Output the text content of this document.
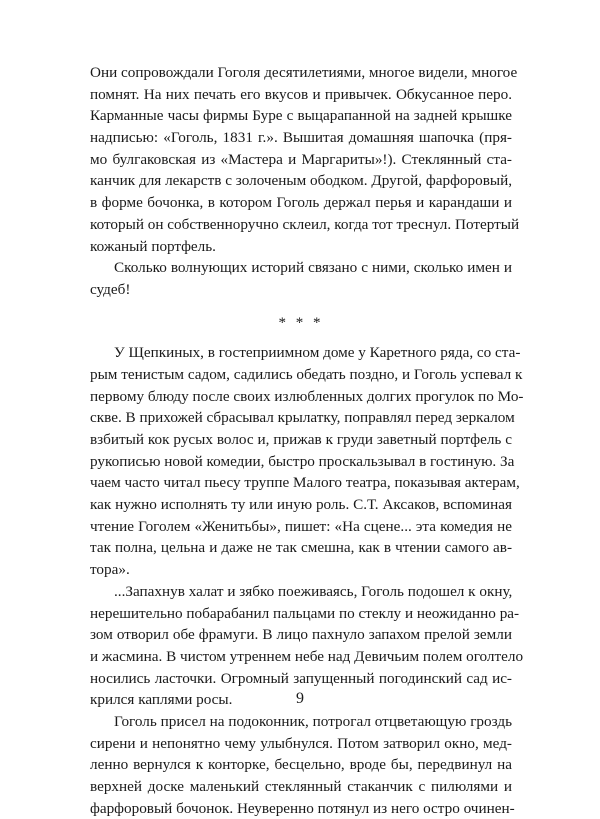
Они сопровождали Гоголя десятилетиями, многое видели, многое
помнят. На них печать его вкусов и привычек. Обкусанное перо.
Карманные часы фирмы Буре с выцарапанной на задней крышке
надписью: «Гоголь, 1831 г.». Вышитая домашняя шапочка (пря-
мо булгаковская из «Мастера и Маргариты»!). Стеклянный ста-
канчик для лекарств с золоченым ободком. Другой, фарфоровый,
в форме бочонка, в котором Гоголь держал перья и карандаши и
который он собственноручно склеил, когда тот треснул. Потертый
кожаный портфель.
Сколько волнующих историй связано с ними, сколько имен и
судеб!
* * *
У Щепкиных, в гостеприимном доме у Каретного ряда, со ста-
рым тенистым садом, садились обедать поздно, и Гоголь успевал к
первому блюду после своих излюбленных долгих прогулок по Мо-
скве. В прихожей сбрасывал крылатку, поправлял перед зеркалом
взбитый кок русых волос и, прижав к груди заветный портфель с
рукописью новой комедии, быстро проскальзывал в гостиную. За
чаем часто читал пьесу труппе Малого театра, показывая актерам,
как нужно исполнять ту или иную роль. С.Т. Аксаков, вспоминая
чтение Гоголем «Женитьбы», пишет: «На сцене... эта комедия не
так полна, цельна и даже не так смешна, как в чтении самого ав-
тора».
...Запахнув халат и зябко поеживаясь, Гоголь подошел к окну,
нерешительно побарабанил пальцами по стеклу и неожиданно ра-
зом отворил обе фрамуги. В лицо пахнуло запахом прелой земли
и жасмина. В чистом утреннем небе над Девичьим полем оголтело
носились ласточки. Огромный запущенный погодинский сад ис-
крился каплями росы.
Гоголь присел на подоконник, потрогал отцветающую гроздь
сирени и непонятно чему улыбнулся. Потом затворил окно, мед-
ленно вернулся к конторке, бесцельно, вроде бы, передвинул на
верхней доске маленький стеклянный стаканчик с пилюлями и
фарфоровый бочонок. Неуверенно потянул из него остро очинен-
9
